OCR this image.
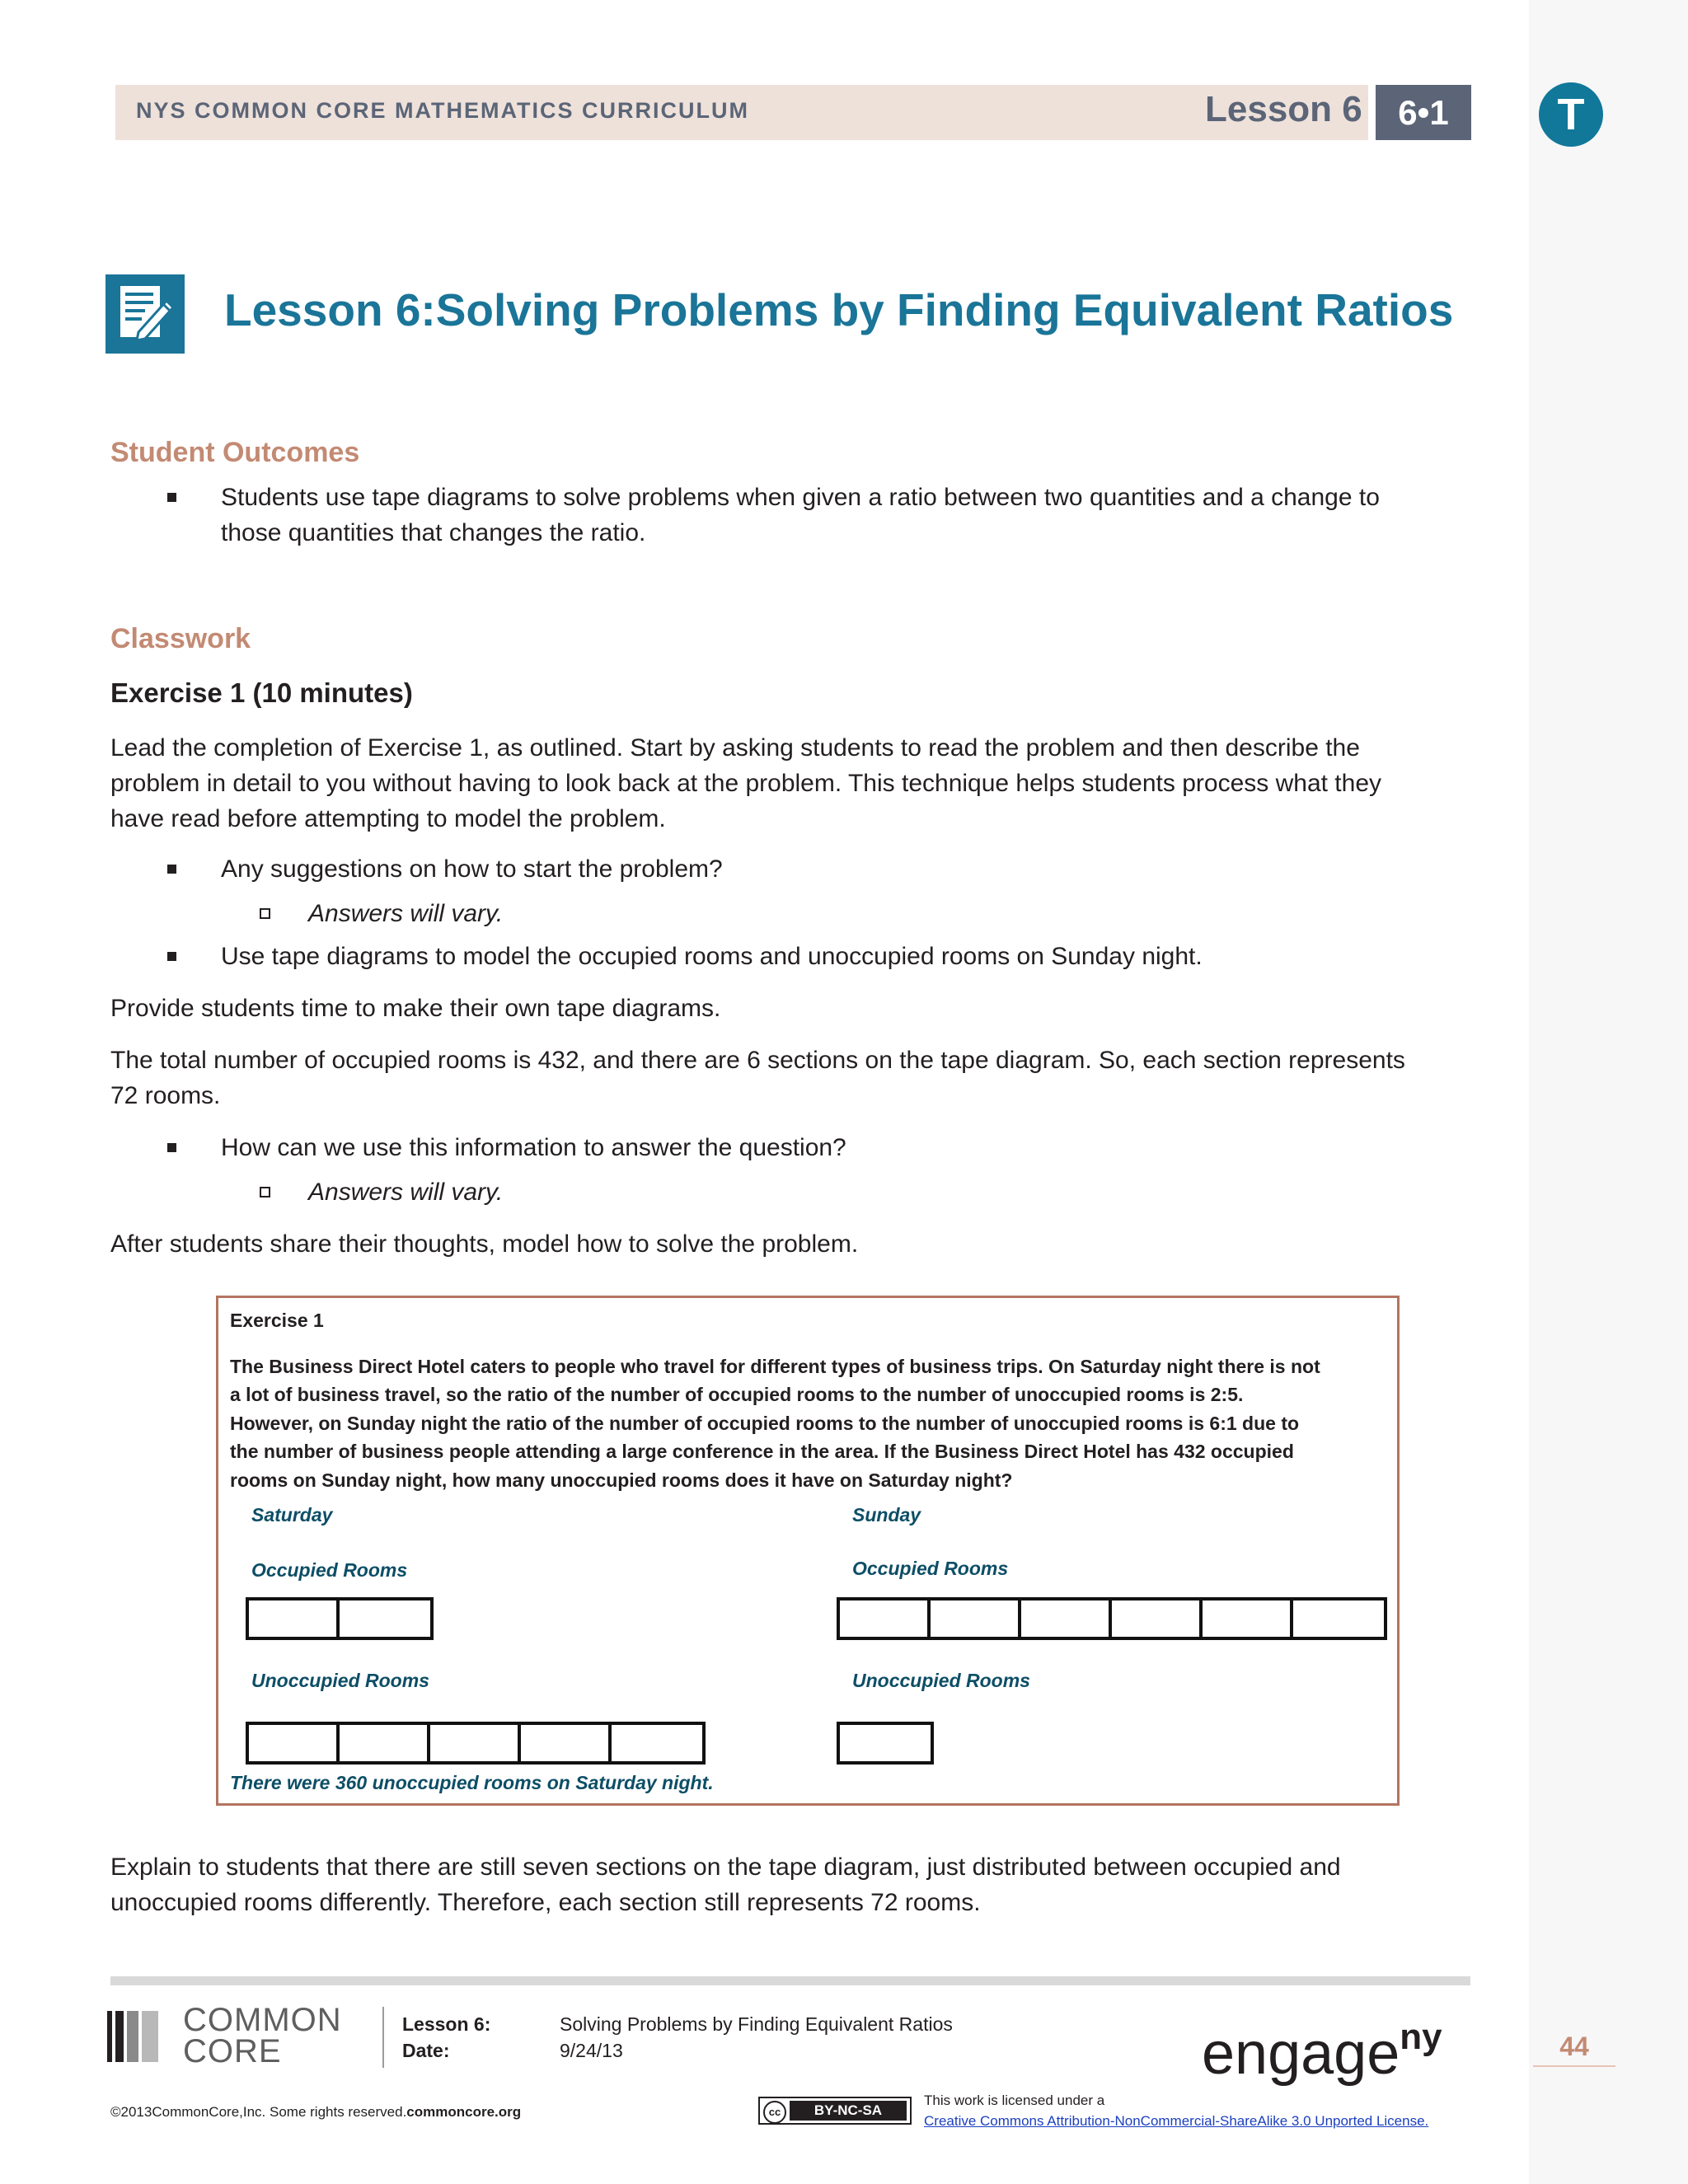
NYS COMMON CORE MATHEMATICS CURRICULUM	Lesson 6	6•1	T
Lesson 6:Solving Problems by Finding Equivalent Ratios
Student Outcomes
Students use tape diagrams to solve problems when given a ratio between two quantities and a change to
those quantities that changes the ratio.
Classwork
Exercise 1 (10 minutes)
Lead the completion of Exercise 1, as outlined. Start by asking students to read the problem and then describe the
problem in detail to you without having to look back at the problem. This technique helps students process what they
have read before attempting to model the problem.
Any suggestions on how to start the problem?
Answers will vary.
Use tape diagrams to model the occupied rooms and unoccupied rooms on Sunday night.
Provide students time to make their own tape diagrams.
The total number of occupied rooms is 432, and there are 6 sections on the tape diagram. So, each section represents
72 rooms.
How can we use this information to answer the question?
Answers will vary.
After students share their thoughts, model how to solve the problem.
Exercise 1
The Business Direct Hotel caters to people who travel for different types of business trips. On Saturday night there is not
a lot of business travel, so the ratio of the number of occupied rooms to the number of unoccupied rooms is 2:5.
However, on Sunday night the ratio of the number of occupied rooms to the number of unoccupied rooms is 6:1 due to
the number of business people attending a large conference in the area. If the Business Direct Hotel has 432 occupied
rooms on Sunday night, how many unoccupied rooms does it have on Saturday night?
Saturday
Occupied Rooms
Unoccupied Rooms
Sunday
Occupied Rooms
Unoccupied Rooms
There were 360 unoccupied rooms on Saturday night.
Explain to students that there are still seven sections on the tape diagram, just distributed between occupied and
unoccupied rooms differently. Therefore, each section still represents 72 rooms.
COMMON
CORE
Lesson 6:
Date:
Solving Problems by Finding Equivalent Ratios
9/24/13	engage$^{ny}$	44
©2013CommonCore,Inc. Some rights reserved.commoncore.org	cc	BY-NC-SA
This work is licensed under a
Creative Commons Attribution-NonCommercial-ShareAlike 3.0 Unported License.
